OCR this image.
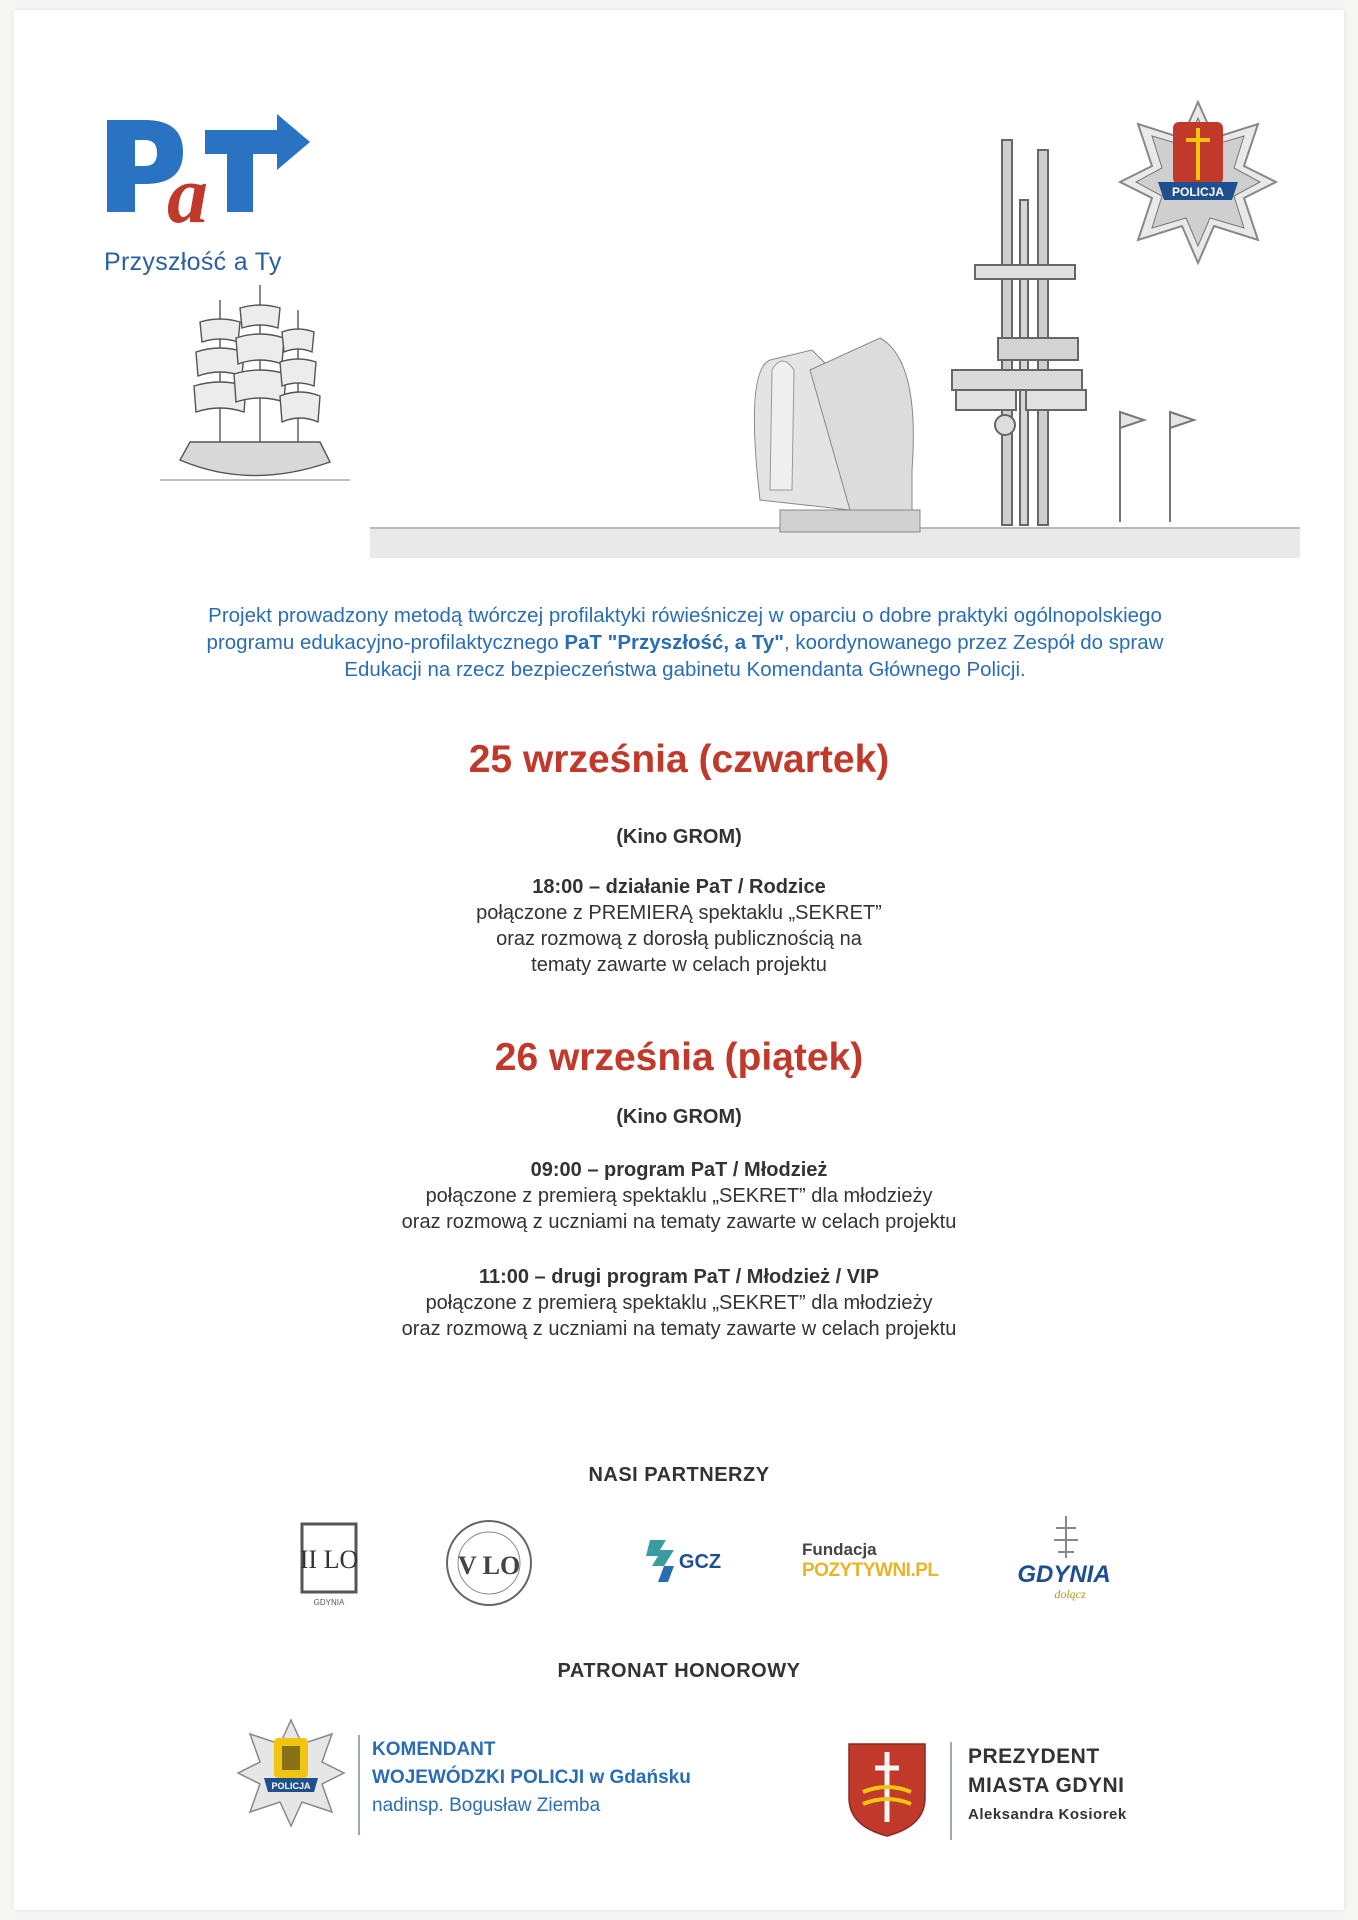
a
Przyszłość a Ty
POLICJA
Projekt prowadzony metodą twórczej profilaktyki rówieśniczej w oparciu o dobre praktyki ogólnopolskiego
programu edukacyjno-profilaktycznego PaT "Przyszłość, a Ty", koordynowanego przez Zespół do spraw
Edukacji na rzecz bezpieczeństwa gabinetu Komendanta Głównego Policji.
25 września (czwartek)
(Kino GROM)
18:00 – działanie PaT / Rodzice
połączone z PREMIERĄ spektaklu „SEKRET”
oraz rozmową z dorosłą publicznością na
tematy zawarte w celach projektu
26 września (piątek)
(Kino GROM)
09:00 – program PaT / Młodzież
połączone z premierą spektaklu „SEKRET” dla młodzieży
oraz rozmową z uczniami na tematy zawarte w celach projektu
11:00 – drugi program PaT / Młodzież / VIP
połączone z premierą spektaklu „SEKRET” dla młodzieży
oraz rozmową z uczniami na tematy zawarte w celach projektu
NASI PARTNERZY
II LO
GDYNIA
V LO	GCZ
Fundacja
POZYTYWNI.PL	GDYNIA
dołącz
PATRONAT HONOROWY
POLICJA
KOMENDANT
WOJEWÓDZKI POLICJI w Gdańsku
nadinsp. Bogusław Ziemba
PREZYDENT
MIASTA GDYNI
Aleksandra Kosiorek
